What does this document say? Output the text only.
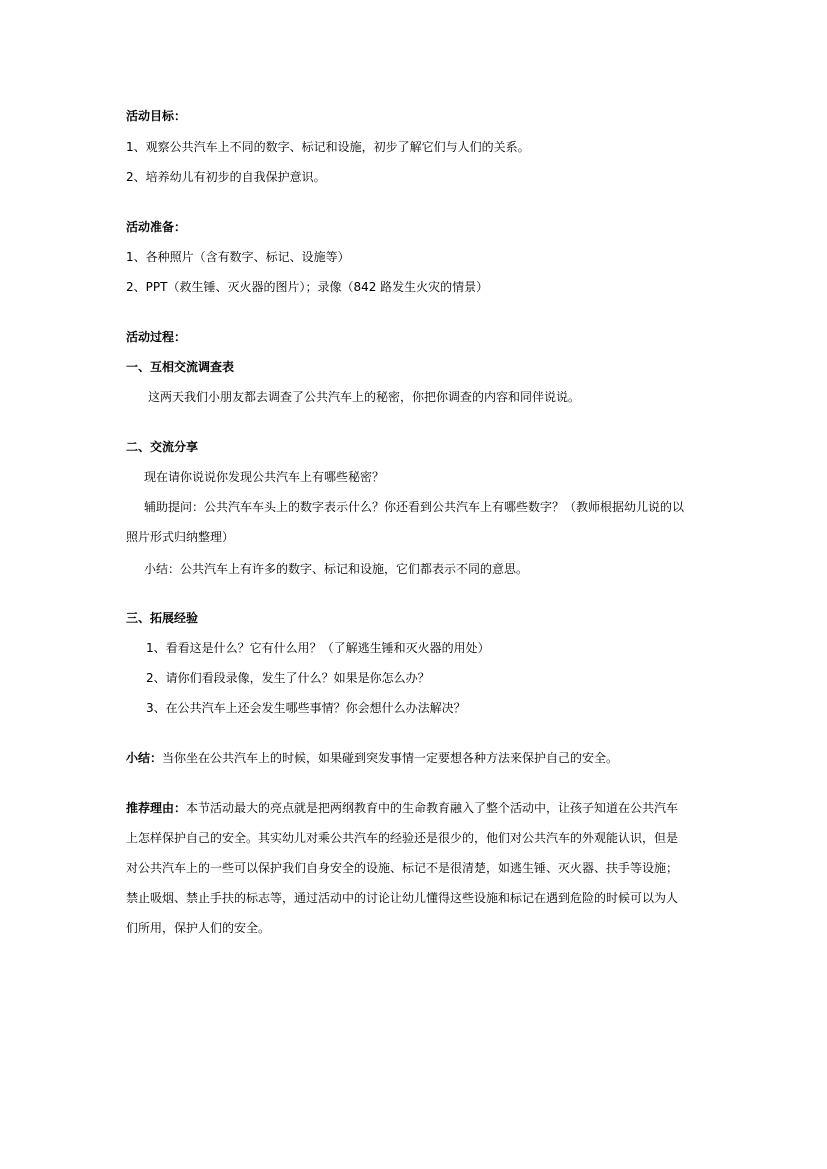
活动目标：
1、观察公共汽车上不同的数字、标记和设施，初步了解它们与人们的关系。
2、培养幼儿有初步的自我保护意识。
活动准备：
1、各种照片（含有数字、标记、设施等）
2、PPT（救生锤、灭火器的图片）；录像（842 路发生火灾的情景）
活动过程：
一、互相交流调查表
这两天我们小朋友都去调查了公共汽车上的秘密，你把你调查的内容和同伴说说。
二、交流分享
现在请你说说你发现公共汽车上有哪些秘密？
辅助提问：公共汽车车头上的数字表示什么？你还看到公共汽车上有哪些数字？（教师根据幼儿说的以
照片形式归纳整理）
小结：公共汽车上有许多的数字、标记和设施，它们都表示不同的意思。
三、拓展经验
1、看看这是什么？它有什么用？（了解逃生锤和灭火器的用处）
2、请你们看段录像，发生了什么？如果是你怎么办？
3、在公共汽车上还会发生哪些事情？你会想什么办法解决？
小结：当你坐在公共汽车上的时候，如果碰到突发事情一定要想各种方法来保护自己的安全。
推荐理由：本节活动最大的亮点就是把两纲教育中的生命教育融入了整个活动中，让孩子知道在公共汽车
上怎样保护自己的安全。其实幼儿对乘公共汽车的经验还是很少的，他们对公共汽车的外观能认识，但是
对公共汽车上的一些可以保护我们自身安全的设施、标记不是很清楚，如逃生锤、灭火器、扶手等设施；
禁止吸烟、禁止手扶的标志等，通过活动中的讨论让幼儿懂得这些设施和标记在遇到危险的时候可以为人
们所用，保护人们的安全。
